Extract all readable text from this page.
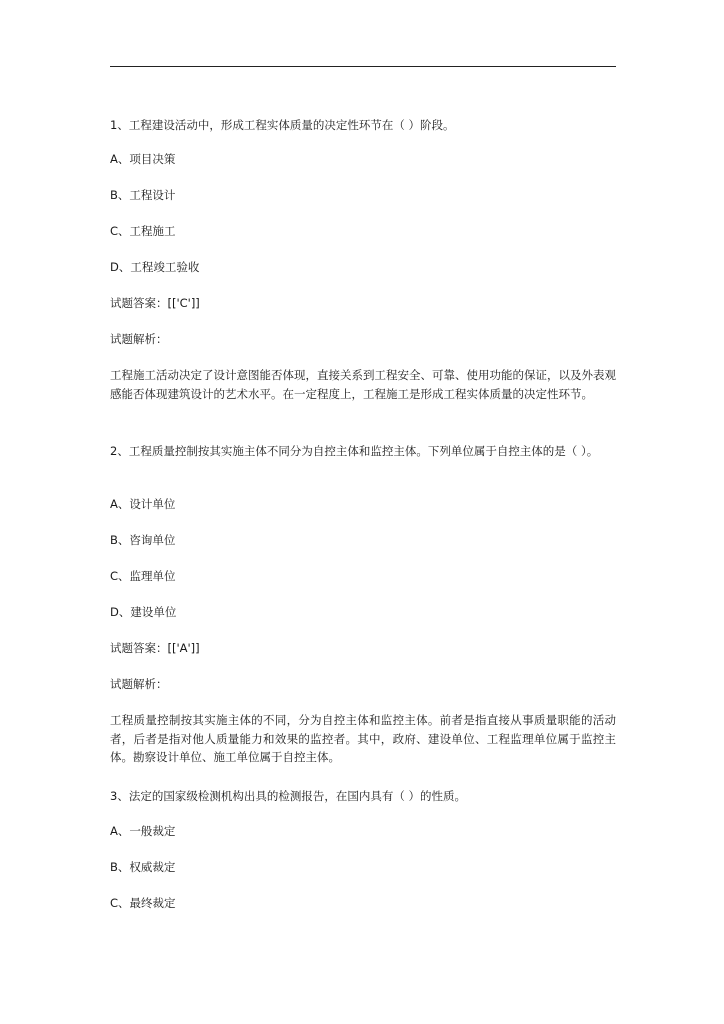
1、工程建设活动中，形成工程实体质量的决定性环节在（ ）阶段。
A、项目决策
B、工程设计
C、工程施工
D、工程竣工验收
试题答案：[['C']]
试题解析：
工程施工活动决定了设计意图能否体现，直接关系到工程安全、可靠、使用功能的保证，以及外表观感能否体现建筑设计的艺术水平。在一定程度上，工程施工是形成工程实体质量的决定性环节。
2、工程质量控制按其实施主体不同分为自控主体和监控主体。下列单位属于自控主体的是（ ）。
A、设计单位
B、咨询单位
C、监理单位
D、建设单位
试题答案：[['A']]
试题解析：
工程质量控制按其实施主体的不同，分为自控主体和监控主体。前者是指直接从事质量职能的活动者，后者是指对他人质量能力和效果的监控者。其中，政府、建设单位、工程监理单位属于监控主体。勘察设计单位、施工单位属于自控主体。
3、法定的国家级检测机构出具的检测报告，在国内具有（ ）的性质。
A、一般裁定
B、权威裁定
C、最终裁定
